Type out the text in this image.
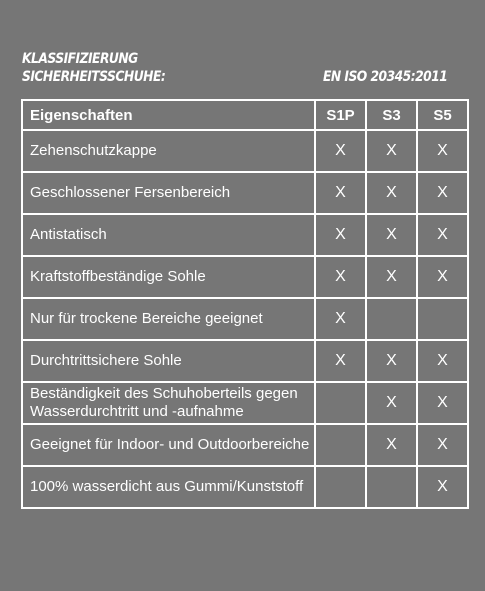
KLASSIFIZIERUNG
SICHERHEITSSCHUHE:	EN ISO 20345:2011
Eigenschaften	S1P	S3	S5
Zehenschutzkappe	X	X	X
Geschlossener Fersenbereich	X	X	X
Antistatisch	X	X	X
Kraftstoffbeständige Sohle	X	X	X
Nur für trockene Bereiche geeignet	X		
Durchtrittsichere Sohle	X	X	X
Beständigkeit des Schuhoberteils gegen Wasserdurchtritt und -aufnahme		X	X
Geeignet für Indoor- und Outdoorbereiche		X	X
100% wasserdicht aus Gummi/Kunststoff			X
